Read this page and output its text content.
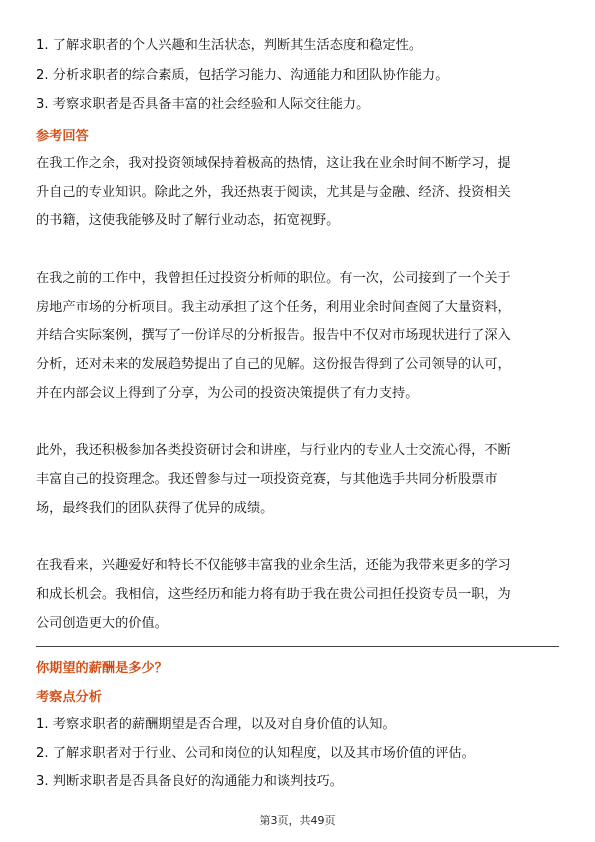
1. 了解求职者的个人兴趣和生活状态，判断其生活态度和稳定性。
2. 分析求职者的综合素质，包括学习能力、沟通能力和团队协作能力。
3. 考察求职者是否具备丰富的社会经验和人际交往能力。
参考回答
在我工作之余，我对投资领域保持着极高的热情，这让我在业余时间不断学习，提
升自己的专业知识。除此之外，我还热衷于阅读，尤其是与金融、经济、投资相关
的书籍，这使我能够及时了解行业动态，拓宽视野。
在我之前的工作中，我曾担任过投资分析师的职位。有一次，公司接到了一个关于
房地产市场的分析项目。我主动承担了这个任务，利用业余时间查阅了大量资料，
并结合实际案例，撰写了一份详尽的分析报告。报告中不仅对市场现状进行了深入
分析，还对未来的发展趋势提出了自己的见解。这份报告得到了公司领导的认可，
并在内部会议上得到了分享，为公司的投资决策提供了有力支持。
此外，我还积极参加各类投资研讨会和讲座，与行业内的专业人士交流心得，不断
丰富自己的投资理念。我还曾参与过一项投资竞赛，与其他选手共同分析股票市
场，最终我们的团队获得了优异的成绩。
在我看来，兴趣爱好和特长不仅能够丰富我的业余生活，还能为我带来更多的学习
和成长机会。我相信，这些经历和能力将有助于我在贵公司担任投资专员一职，为
公司创造更大的价值。
你期望的薪酬是多少？
考察点分析
1. 考察求职者的薪酬期望是否合理，以及对自身价值的认知。
2. 了解求职者对于行业、公司和岗位的认知程度，以及其市场价值的评估。
3. 判断求职者是否具备良好的沟通能力和谈判技巧。
第3页，共49页
